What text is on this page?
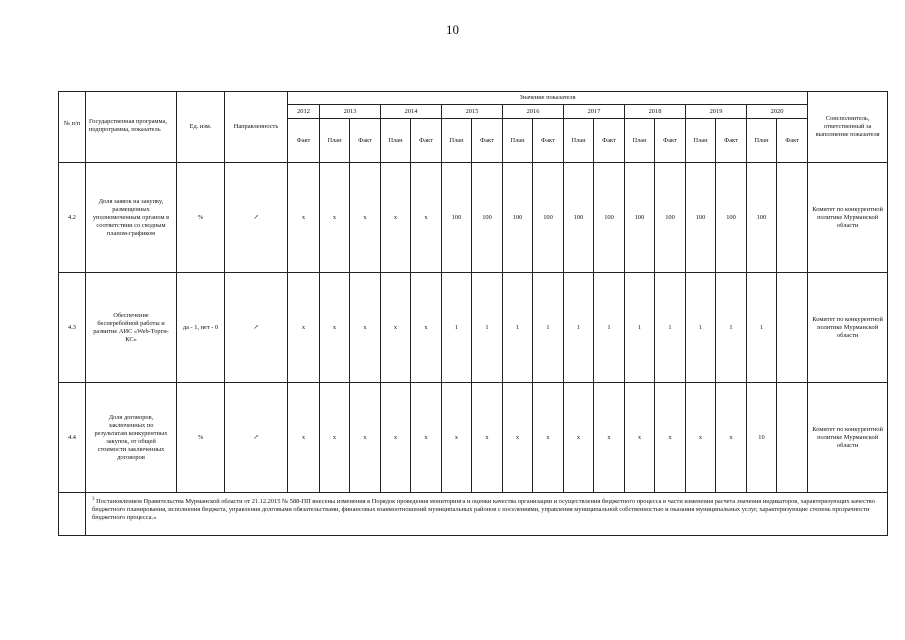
10
№ п/п	Государственная программа, подпрограмма, показатель	Ед. изм.	Направленность	Значение показателя																	Соисполнитель, ответственный за выполнение показателя
				2012	2013		2014		2015		2016		2017		2018		2019		2020		
				Факт	План	Факт	План	Факт	План	Факт	План	Факт	План	Факт	План	Факт	План	Факт	План	Факт	
4.2	Доля заявок на закупку, размещенных уполномоченным органом в соответствии со сводным планом-графиком	%	↗	x	x	x	x	x	100	100	100	100	100	100	100	100	100	100	100		Комитет по конкурентной политике Мурманской области
4.3	Обеспечение бесперебойной работы и развитие АИС «Web-Торги-КС»	да - 1, нет - 0	↗	x	x	x	x	x	1	1	1	1	1	1	1	1	1	1	1		Комитет по конкурентной политике Мурманской области
4.4	Доля договоров, заключенных по результатам конкурентных закупок, от общей стоимости заключенных договоров	%	↗	x	x	x	x	x	x	x	x	x	x	x	x	x	x	x	10		Комитет по конкурентной политике Мурманской области
	$^3$ Постановлением Правительства Мурманской области от 21.12.2015 № 588-ПП внесены изменения в Порядок проведения мониторинга и оценки качества организации и осуществления бюджетного процесса в части изменения расчета значения индикаторов, характеризующих качество бюджетного планирования, исполнения бюджета, управления долговыми обязательствами, финансовых взаимоотношений муниципальных районов с поселениями, управления муниципальной собственностью и оказания муниципальных услуг, характеризующие степень прозрачности бюджетного процесса.»																				
